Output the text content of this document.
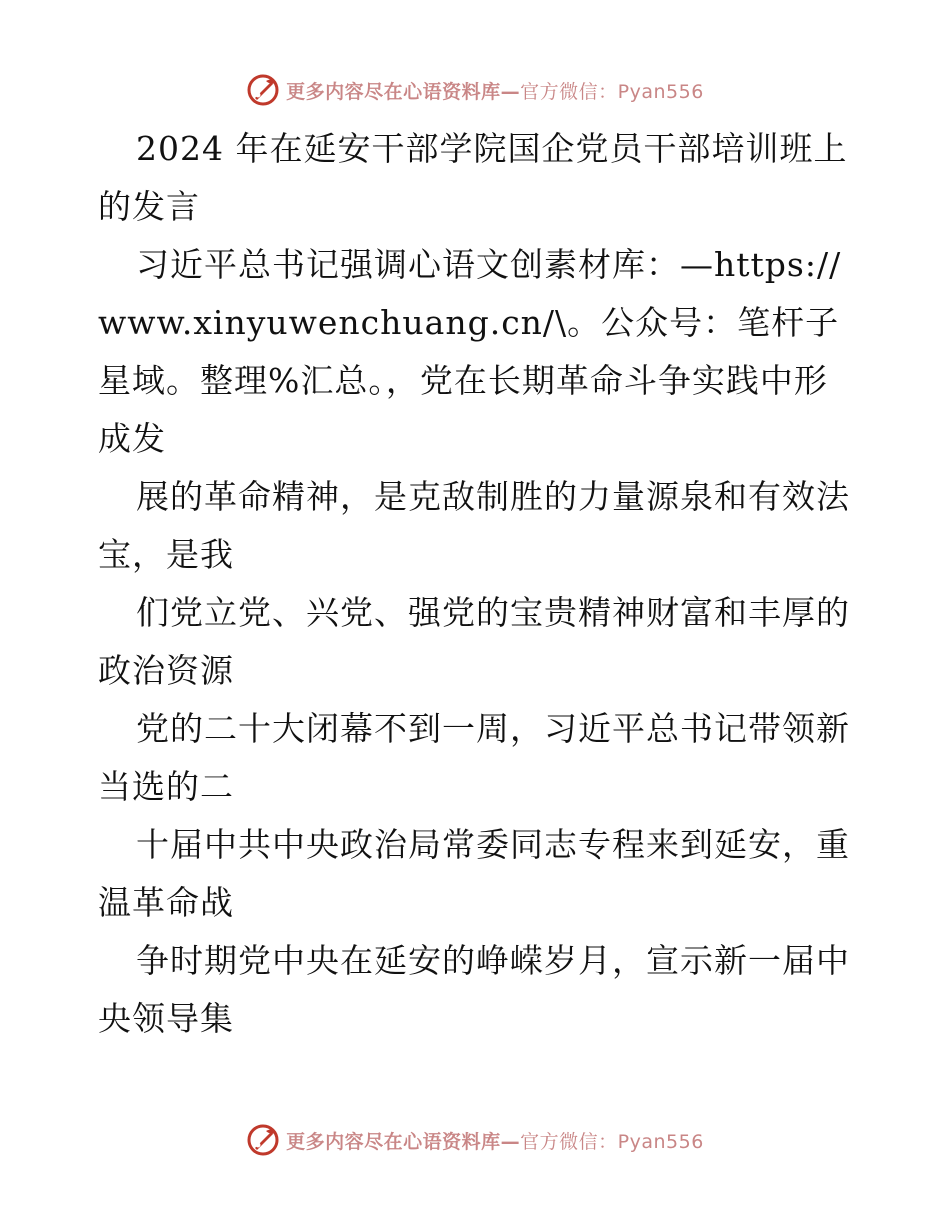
更多内容尽在心语资料库—官方微信：Pyan556

2024 年在延安干部学院国企党员干部培训班上的发言

习近平总书记强调心语文创素材库：—https://www.xinyuwenchuang.cn/\。公众号：笔杆子星域。整理%汇总。，党在长期革命斗争实践中形成发

展的革命精神，是克敌制胜的力量源泉和有效法宝，是我

们党立党、兴党、强党的宝贵精神财富和丰厚的政治资源

党的二十大闭幕不到一周，习近平总书记带领新当选的二

十届中共中央政治局常委同志专程来到延安，重温革命战

争时期党中央在延安的峥嵘岁月，宣示新一届中央领导集

更多内容尽在心语资料库—官方微信：Pyan556
